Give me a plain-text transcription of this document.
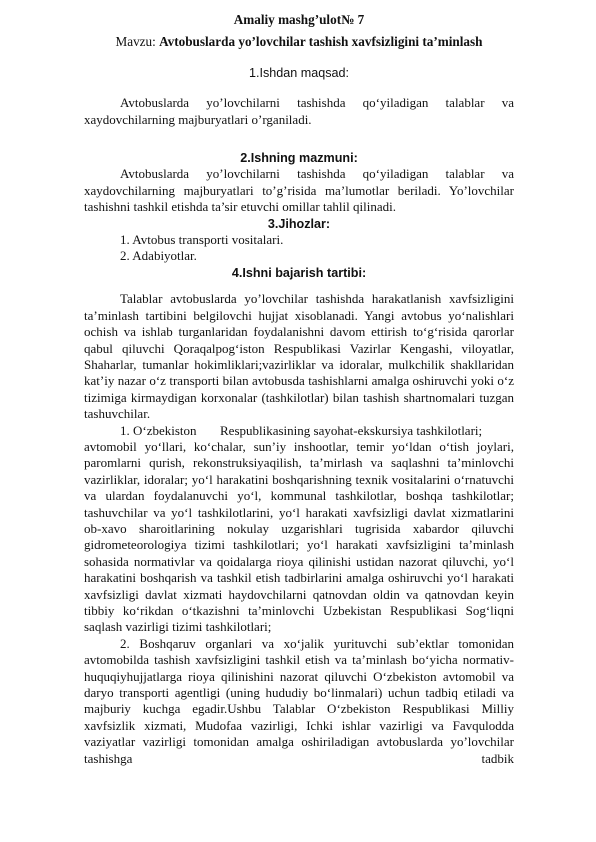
Amaliy mashg’ulot№ 7

Mavzu: Avtobuslarda yo’lovchilar tashish xavfsizligini ta’minlash

1.Ishdan maqsad:

Avtobuslarda yo’lovchilarni tashishda qo‘yiladigan talablar va xaydovchilarning majburyatlari o’rganiladi.

2.Ishning mazmuni:

Avtobuslarda yo’lovchilarni tashishda qo‘yiladigan talablar va xaydovchilarning majburyatlari to’g’risida ma’lumotlar beriladi. Yo’lovchilar tashishni tashkil etishda ta’sir etuvchi omillar tahlil qilinadi.

3.Jihozlar:

1. Avtobus transporti vositalari.

2. Adabiyotlar.

4.Ishni bajarish tartibi:

Talablar avtobuslarda yo’lovchilar tashishda harakatlanish xavfsizligini ta’minlash tartibini belgilovchi hujjat xisoblanadi. Yangi avtobus yo‘nalishlari ochish va ishlab turganlaridan foydalanishni davom ettirish to‘g‘risida qarorlar qabul qiluvchi Qoraqalpog‘iston Respublikasi Vazirlar Kengashi, viloyatlar, Shaharlar, tumanlar hokimliklari;vazirliklar va idoralar, mulkchilik shakllaridan kat’iy nazar o‘z transporti bilan avtobusda tashishlarni amalga oshiruvchi yoki o‘z tizimiga kirmaydigan korxonalar (tashkilotlar) bilan tashish shartnomalari tuzgan tashuvchilar.

1. O‘zbekiston	Respublikasining sayohat-ekskursiya tashkilotlari;

avtomobil yo‘llari, ko‘chalar, sun’iy inshootlar, temir yo‘ldan o‘tish joylari, paromlarni qurish, rekonstruksiyaqilish, ta’mirlash va saqlashni ta’minlovchi vazirliklar, idoralar; yo‘l harakatini boshqarishning texnik vositalarini o‘rnatuvchi va ulardan foydalanuvchi yo‘l, kommunal tashkilotlar, boshqa tashkilotlar; tashuvchilar va yo‘l tashkilotlarini, yo‘l harakati xavfsizligi davlat xizmatlarini ob-xavo sharoitlarining nokulay uzgarishlari tugrisida xabardor qiluvchi gidrometeorologiya tizimi tashkilotlari; yo‘l harakati xavfsizligini ta’minlash sohasida normativlar va qoidalarga rioya qilinishi ustidan nazorat qiluvchi, yo‘l harakatini boshqarish va tashkil etish tadbirlarini amalga oshiruvchi yo‘l harakati xavfsizligi davlat xizmati haydovchilarni qatnovdan oldin va qatnovdan keyin tibbiy ko‘rikdan o‘tkazishni ta’minlovchi Uzbekistan Respublikasi Sog‘liqni saqlash vazirligi tizimi tashkilotlari;

2. Boshqaruv organlari va xo‘jalik yurituvchi sub’ektlar tomonidan avtomobilda tashish xavfsizligini tashkil etish va ta’minlash bo‘yicha normativ-huquqiyhujjatlarga rioya qilinishini nazorat qiluvchi O‘zbekiston avtomobil va daryo transporti agentligi (uning hududiy bo‘linmalari) uchun tadbiq etiladi va majburiy kuchga egadir.Ushbu Talablar O‘zbekiston Respublikasi Milliy xavfsizlik xizmati, Mudofaa vazirligi, Ichki ishlar vazirligi va Favqulodda vaziyatlar vazirligi tomonidan amalga oshiriladigan avtobuslarda yo’lovchilar tashishga tadbik
